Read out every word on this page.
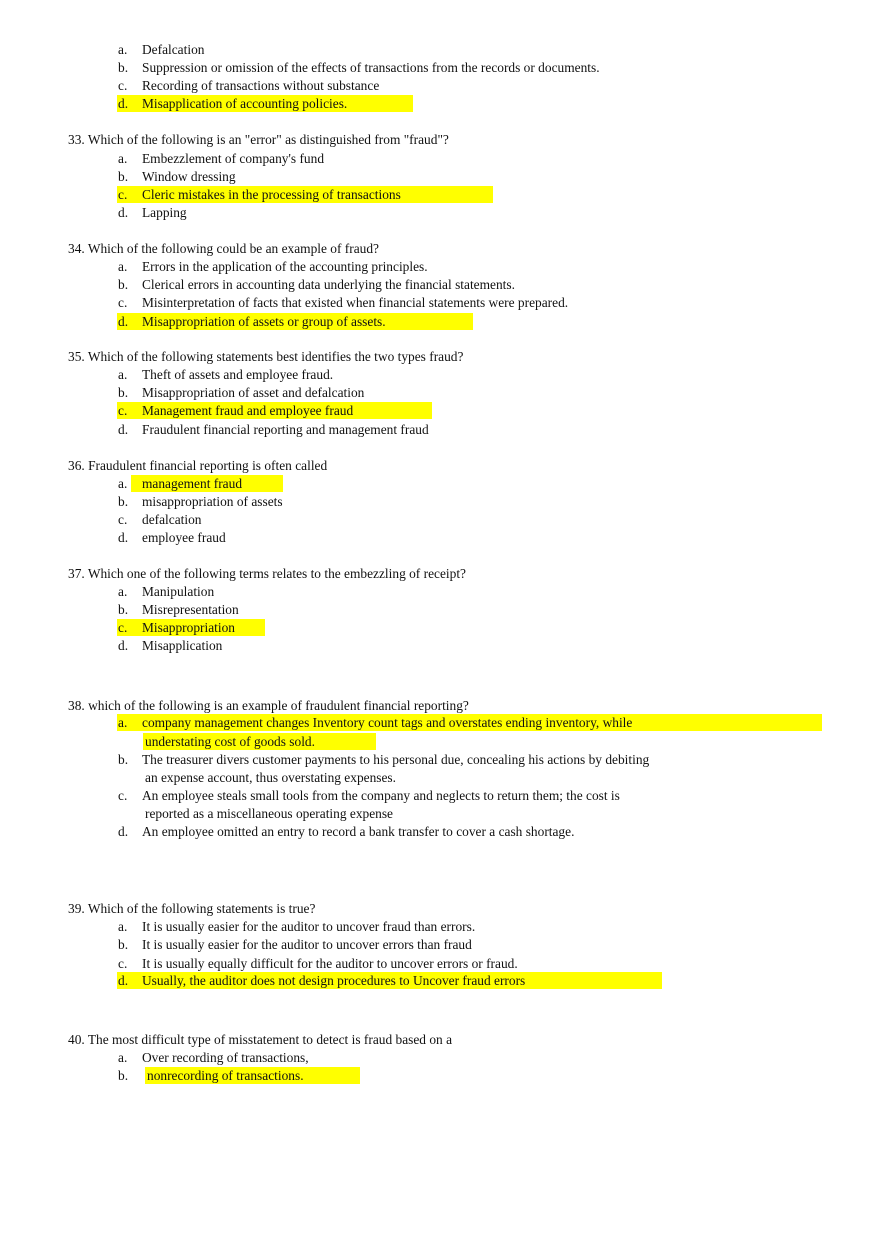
a. Defalcation
b. Suppression or omission of the effects of transactions from the records or documents.
c. Recording of transactions without substance
d. Misapplication of accounting policies.
33. Which of the following is an "error" as distinguished from "fraud"?
a. Embezzlement of company's fund
b. Window dressing
c. Cleric mistakes in the processing of transactions
d. Lapping
34. Which of the following could be an example of fraud?
a. Errors in the application of the accounting principles.
b. Clerical errors in accounting data underlying the financial statements.
c. Misinterpretation of facts that existed when financial statements were prepared.
d. Misappropriation of assets or group of assets.
35. Which of the following statements best identifies the two types fraud?
a. Theft of assets and employee fraud.
b. Misappropriation of asset and defalcation
c. Management fraud and employee fraud
d. Fraudulent financial reporting and management fraud
36. Fraudulent financial reporting is often called
a. management fraud
b. misappropriation of assets
c. defalcation
d. employee fraud
37. Which one of the following terms relates to the embezzling of receipt?
a. Manipulation
b. Misrepresentation
c. Misappropriation
d. Misapplication
38. which of the following is an example of fraudulent financial reporting?
a. company management changes Inventory count tags and overstates ending inventory, while
understating cost of goods sold.
b. The treasurer divers customer payments to his personal due, concealing his actions by debiting
an expense account, thus overstating expenses.
c. An employee steals small tools from the company and neglects to return them; the cost is
reported as a miscellaneous operating expense
d. An employee omitted an entry to record a bank transfer to cover a cash shortage.
39. Which of the following statements is true?
a. It is usually easier for the auditor to uncover fraud than errors.
b. It is usually easier for the auditor to uncover errors than fraud
c. It is usually equally difficult for the auditor to uncover errors or fraud.
d. Usually, the auditor does not design procedures to Uncover fraud errors
40. The most difficult type of misstatement to detect is fraud based on a
a. Over recording of transactions,
b. nonrecording of transactions.
